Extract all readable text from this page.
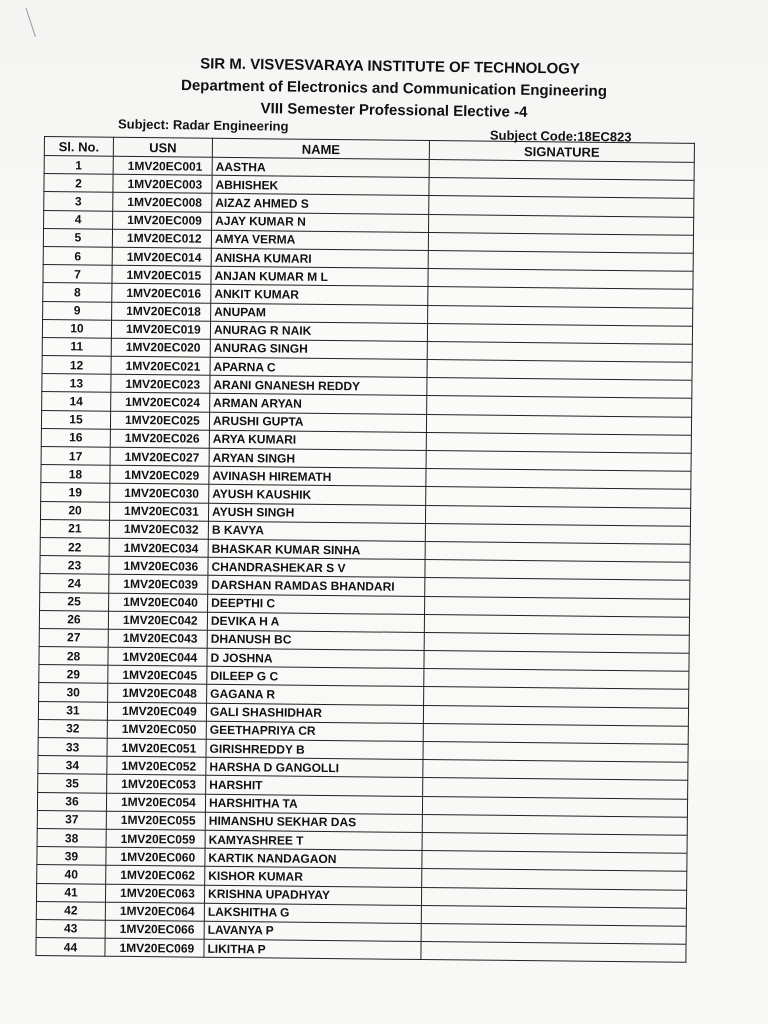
SIR M. VISVESVARAYA INSTITUTE OF TECHNOLOGY
Department of Electronics and Communication Engineering
VIII Semester Professional Elective -4
Subject: Radar Engineering
Subject Code:18EC823
Sl. No.	USN	NAME	SIGNATURE
1	1MV20EC001	AASTHA	
2	1MV20EC003	ABHISHEK	
3	1MV20EC008	AIZAZ AHMED S	
4	1MV20EC009	AJAY KUMAR N	
5	1MV20EC012	AMYA VERMA	
6	1MV20EC014	ANISHA KUMARI	
7	1MV20EC015	ANJAN KUMAR M L	
8	1MV20EC016	ANKIT KUMAR	
9	1MV20EC018	ANUPAM	
10	1MV20EC019	ANURAG R NAIK	
11	1MV20EC020	ANURAG SINGH	
12	1MV20EC021	APARNA C	
13	1MV20EC023	ARANI GNANESH REDDY	
14	1MV20EC024	ARMAN ARYAN	
15	1MV20EC025	ARUSHI GUPTA	
16	1MV20EC026	ARYA KUMARI	
17	1MV20EC027	ARYAN SINGH	
18	1MV20EC029	AVINASH HIREMATH	
19	1MV20EC030	AYUSH KAUSHIK	
20	1MV20EC031	AYUSH SINGH	
21	1MV20EC032	B KAVYA	
22	1MV20EC034	BHASKAR KUMAR SINHA	
23	1MV20EC036	CHANDRASHEKAR S V	
24	1MV20EC039	DARSHAN RAMDAS BHANDARI	
25	1MV20EC040	DEEPTHI C	
26	1MV20EC042	DEVIKA H A	
27	1MV20EC043	DHANUSH BC	
28	1MV20EC044	D JOSHNA	
29	1MV20EC045	DILEEP G C	
30	1MV20EC048	GAGANA R	
31	1MV20EC049	GALI SHASHIDHAR	
32	1MV20EC050	GEETHAPRIYA CR	
33	1MV20EC051	GIRISHREDDY B	
34	1MV20EC052	HARSHA D GANGOLLI	
35	1MV20EC053	HARSHIT	
36	1MV20EC054	HARSHITHA TA	
37	1MV20EC055	HIMANSHU SEKHAR DAS	
38	1MV20EC059	KAMYASHREE T	
39	1MV20EC060	KARTIK NANDAGAON	
40	1MV20EC062	KISHOR KUMAR	
41	1MV20EC063	KRISHNA UPADHYAY	
42	1MV20EC064	LAKSHITHA G	
43	1MV20EC066	LAVANYA P	
44	1MV20EC069	LIKITHA P	
